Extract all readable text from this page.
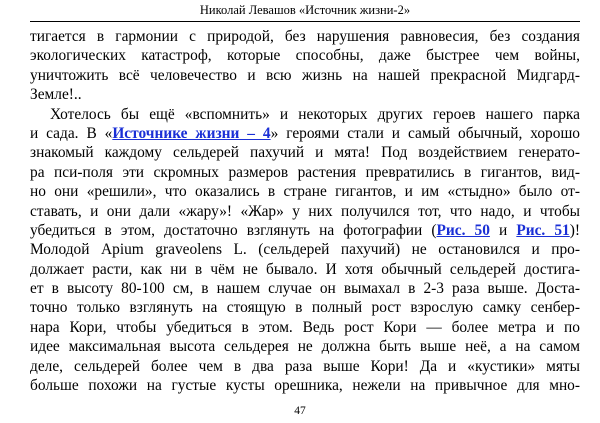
Николай Левашов «Источник жизни-2»
тигается в гармонии с природой, без нарушения равновесия, без создания
экологических катастроф, которые способны, даже быстрее чем войны,
уничтожить всё человечество и всю жизнь на нашей прекрасной Мидгард-
Земле!..
Хотелось бы ещё «вспомнить» и некоторых других героев нашего парка
и сада. В «Источнике жизни – 4» героями стали и самый обычный, хорошо
знакомый каждому сельдерей пахучий и мята! Под воздействием генерато-
ра пси-поля эти скромных размеров растения превратились в гигантов, вид-
но они «решили», что оказались в стране гигантов, и им «стыдно» было от-
ставать, и они дали «жару»! «Жар» у них получился тот, что надо, и чтобы
убедиться в этом, достаточно взглянуть на фотографии (Рис. 50 и Рис. 51)!
Молодой Apium graveolens L. (сельдерей пахучий) не остановился и про-
должает расти, как ни в чём не бывало. И хотя обычный сельдерей достига-
ет в высоту 80-100 см, в нашем случае он вымахал в 2-3 раза выше. Доста-
точно только взглянуть на стоящую в полный рост взрослую самку сенбер-
нара Кори, чтобы убедиться в этом. Ведь рост Кори — более метра и по
идее максимальная высота сельдерея не должна быть выше неё, а на самом
деле, сельдерей более чем в два раза выше Кори! Да и «кустики» мяты
больше похожи на густые кусты орешника, нежели на привычное для мно-
47
